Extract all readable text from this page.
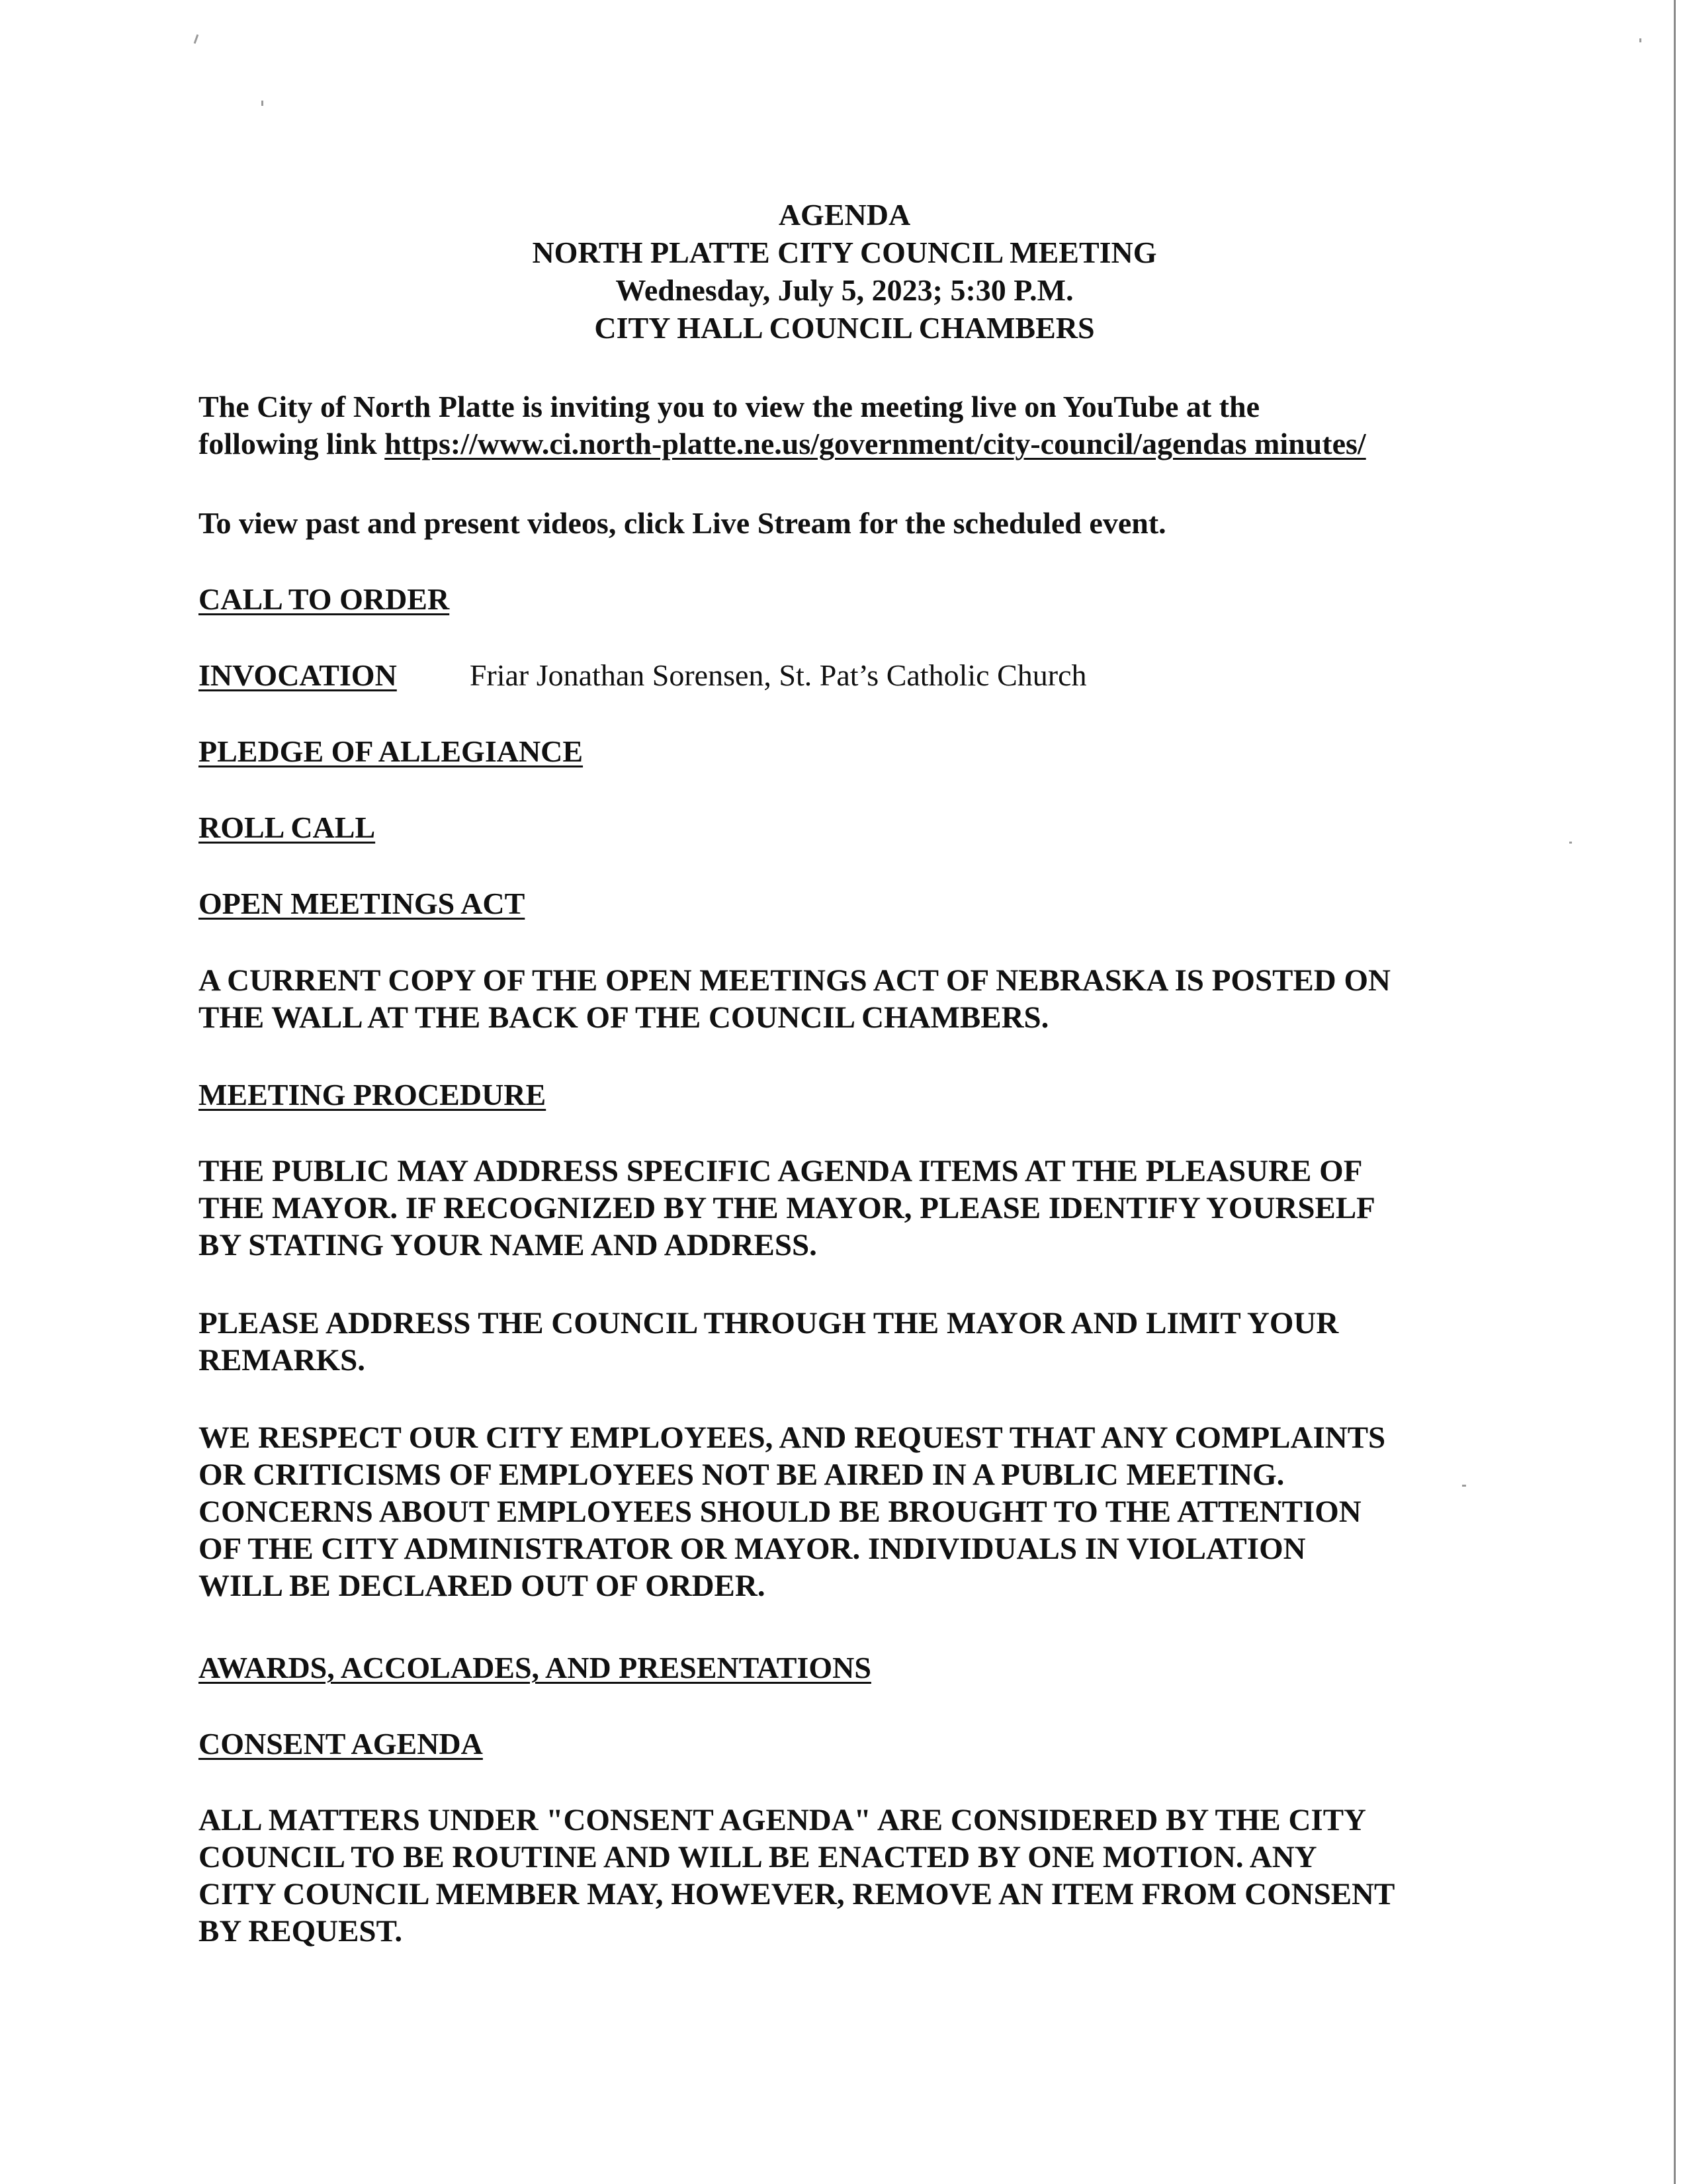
AGENDA
NORTH PLATTE CITY COUNCIL MEETING
Wednesday, July 5, 2023; 5:30 P.M.
CITY HALL COUNCIL CHAMBERS
The City of North Platte is inviting you to view the meeting live on YouTube at the
following link https://www.ci.north-platte.ne.us/government/city-council/agendas minutes/
To view past and present videos, click Live Stream for the scheduled event.
CALL TO ORDER
INVOCATION Friar Jonathan Sorensen, St. Pat’s Catholic Church
PLEDGE OF ALLEGIANCE
ROLL CALL
OPEN MEETINGS ACT
A CURRENT COPY OF THE OPEN MEETINGS ACT OF NEBRASKA IS POSTED ON
THE WALL AT THE BACK OF THE COUNCIL CHAMBERS.
MEETING PROCEDURE
THE PUBLIC MAY ADDRESS SPECIFIC AGENDA ITEMS AT THE PLEASURE OF
THE MAYOR. IF RECOGNIZED BY THE MAYOR, PLEASE IDENTIFY YOURSELF
BY STATING YOUR NAME AND ADDRESS.
PLEASE ADDRESS THE COUNCIL THROUGH THE MAYOR AND LIMIT YOUR
REMARKS.
WE RESPECT OUR CITY EMPLOYEES, AND REQUEST THAT ANY COMPLAINTS
OR CRITICISMS OF EMPLOYEES NOT BE AIRED IN A PUBLIC MEETING.
CONCERNS ABOUT EMPLOYEES SHOULD BE BROUGHT TO THE ATTENTION
OF THE CITY ADMINISTRATOR OR MAYOR. INDIVIDUALS IN VIOLATION
WILL BE DECLARED OUT OF ORDER.
AWARDS, ACCOLADES, AND PRESENTATIONS
CONSENT AGENDA
ALL MATTERS UNDER "CONSENT AGENDA" ARE CONSIDERED BY THE CITY
COUNCIL TO BE ROUTINE AND WILL BE ENACTED BY ONE MOTION. ANY
CITY COUNCIL MEMBER MAY, HOWEVER, REMOVE AN ITEM FROM CONSENT
BY REQUEST.
